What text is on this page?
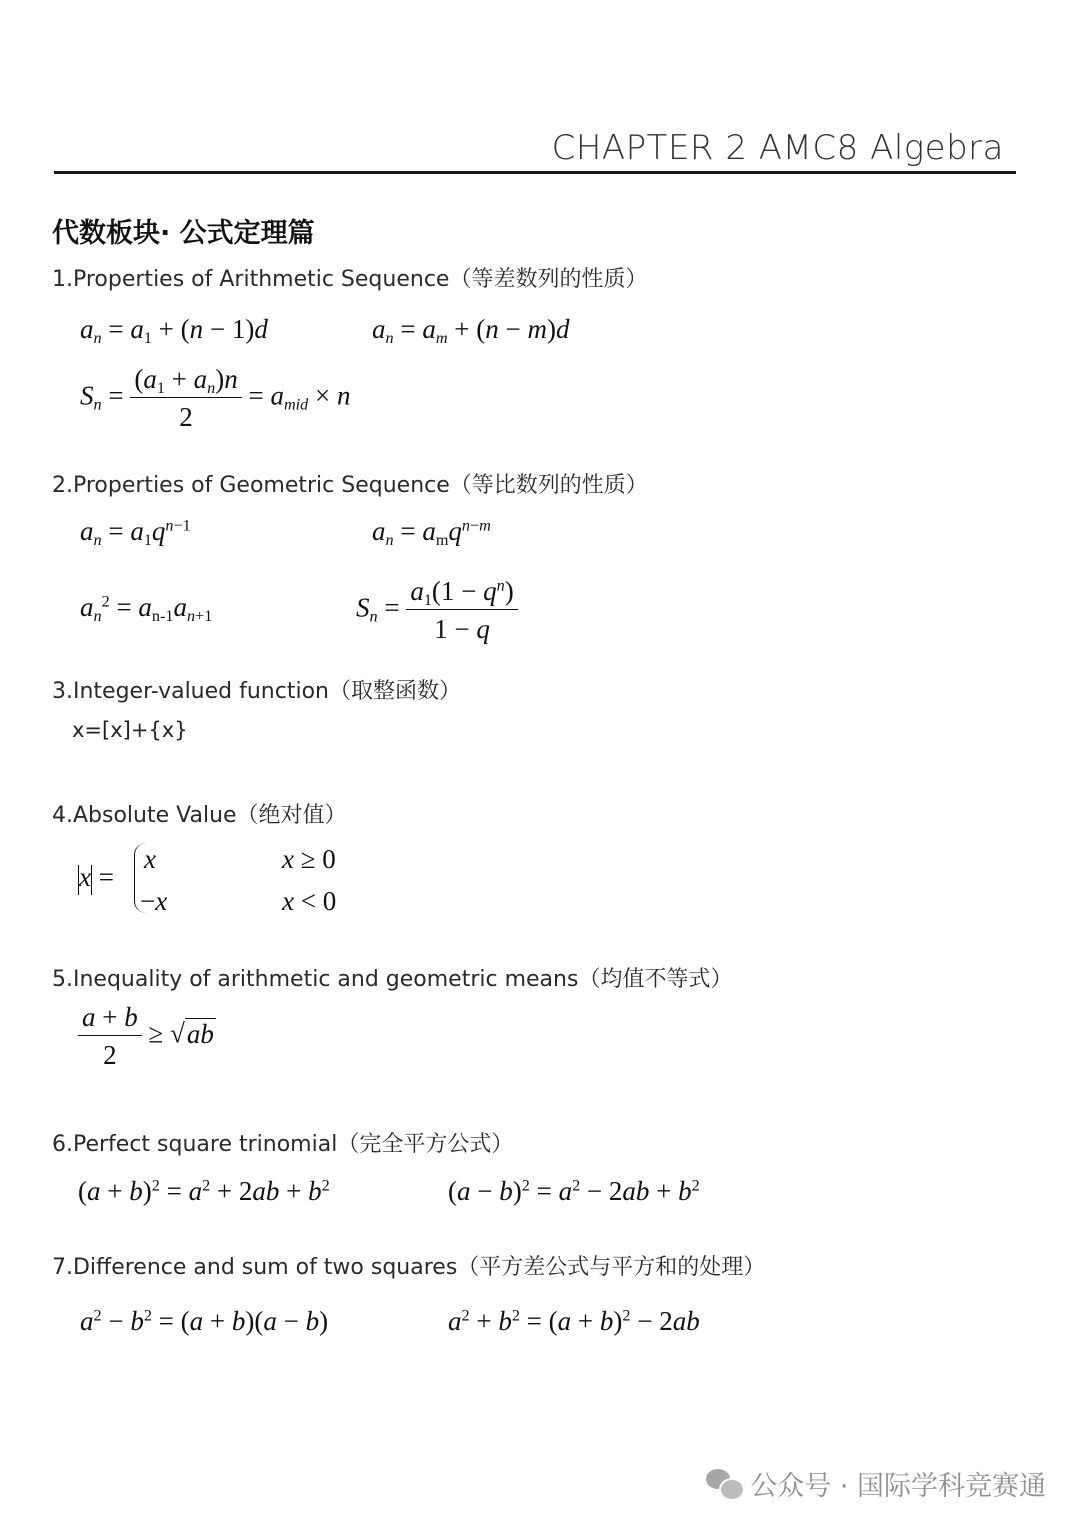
CHAPTER 2 AMC8 Algebra
代数板块· 公式定理篇
1.Properties of Arithmetic Sequence（等差数列的性质）
$a_n = a_1 + (n - 1)d$	$a_n = a_m + (n - m)d$
$S_n = \frac{(a_1 + a_n)n}{2} = a_{mid} \times n$
2.Properties of Geometric Sequence（等比数列的性质）
$a_n = a_1q^{n-1}$	$a_n = a_mq^{n-m}$
$a_n^2 = a_{n-1}a_{n+1}$	$S_n = \frac{a_1(1 - q^n)}{1 - q}$
3.Integer-valued function（取整函数）
x=[x]+{x}
4.Absolute Value（绝对值）
x =
x	x ≥ 0
−x	x < 0
5.Inequality of arithmetic and geometric means（均值不等式）
$\frac{a + b}{2} \ge √ab$
6.Perfect square trinomial（完全平方公式）
$(a + b)^2 = a^2 + 2ab + b^2$	$(a - b)^2 = a^2 - 2ab + b^2$
7.Difference and sum of two squares（平方差公式与平方和的处理）
$a^2 - b^2 = (a + b)(a - b)$	$a^2 + b^2 = (a + b)^2 - 2ab$
公众号 · 国际学科竞赛通
